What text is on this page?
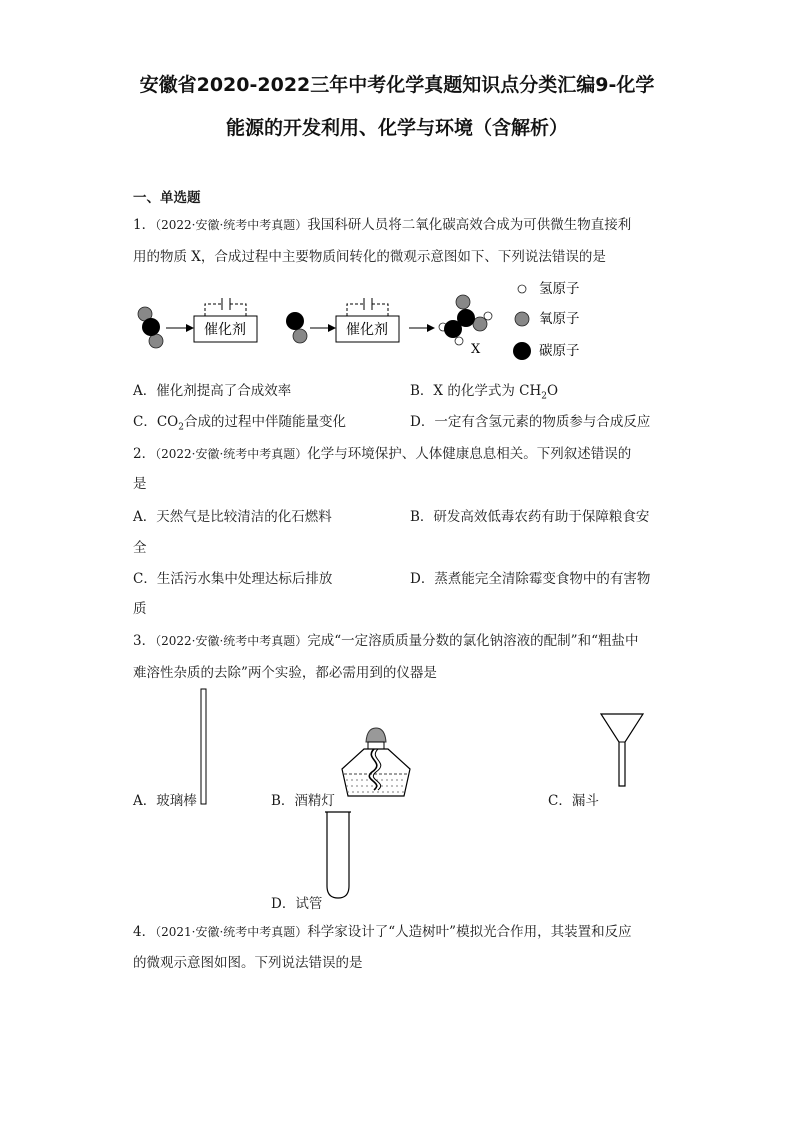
安徽省2020-2022三年中考化学真题知识点分类汇编9-化学
能源的开发利用、化学与环境（含解析）
一、单选题
1．（2022·安徽·统考中考真题）我国科研人员将二氧化碳高效合成为可供微生物直接利
用的物质 X，合成过程中主要物质间转化的微观示意图如下、下列说法错误的是
催化剂	催化剂
X
氢原子
氧原子
碳原子
A．催化剂提高了合成效率	B．X 的化学式为 $CH_2O$
C．$CO_2$合成的过程中伴随能量变化	D．一定有含氢元素的物质参与合成反应
2．（2022·安徽·统考中考真题）化学与环境保护、人体健康息息相关。下列叙述错误的
是
A．天然气是比较清洁的化石燃料	B．研发高效低毒农药有助于保障粮食安
全
C．生活污水集中处理达标后排放	D．蒸煮能完全清除霉变食物中的有害物
质
3．（2022·安徽·统考中考真题）完成“一定溶质质量分数的氯化钠溶液的配制”和“粗盐中
难溶性杂质的去除”两个实验，都必需用到的仪器是
A．玻璃棒	B．酒精灯	C．漏斗
D．试管
4．（2021·安徽·统考中考真题）科学家设计了“人造树叶”模拟光合作用，其装置和反应
的微观示意图如图。下列说法错误的是
